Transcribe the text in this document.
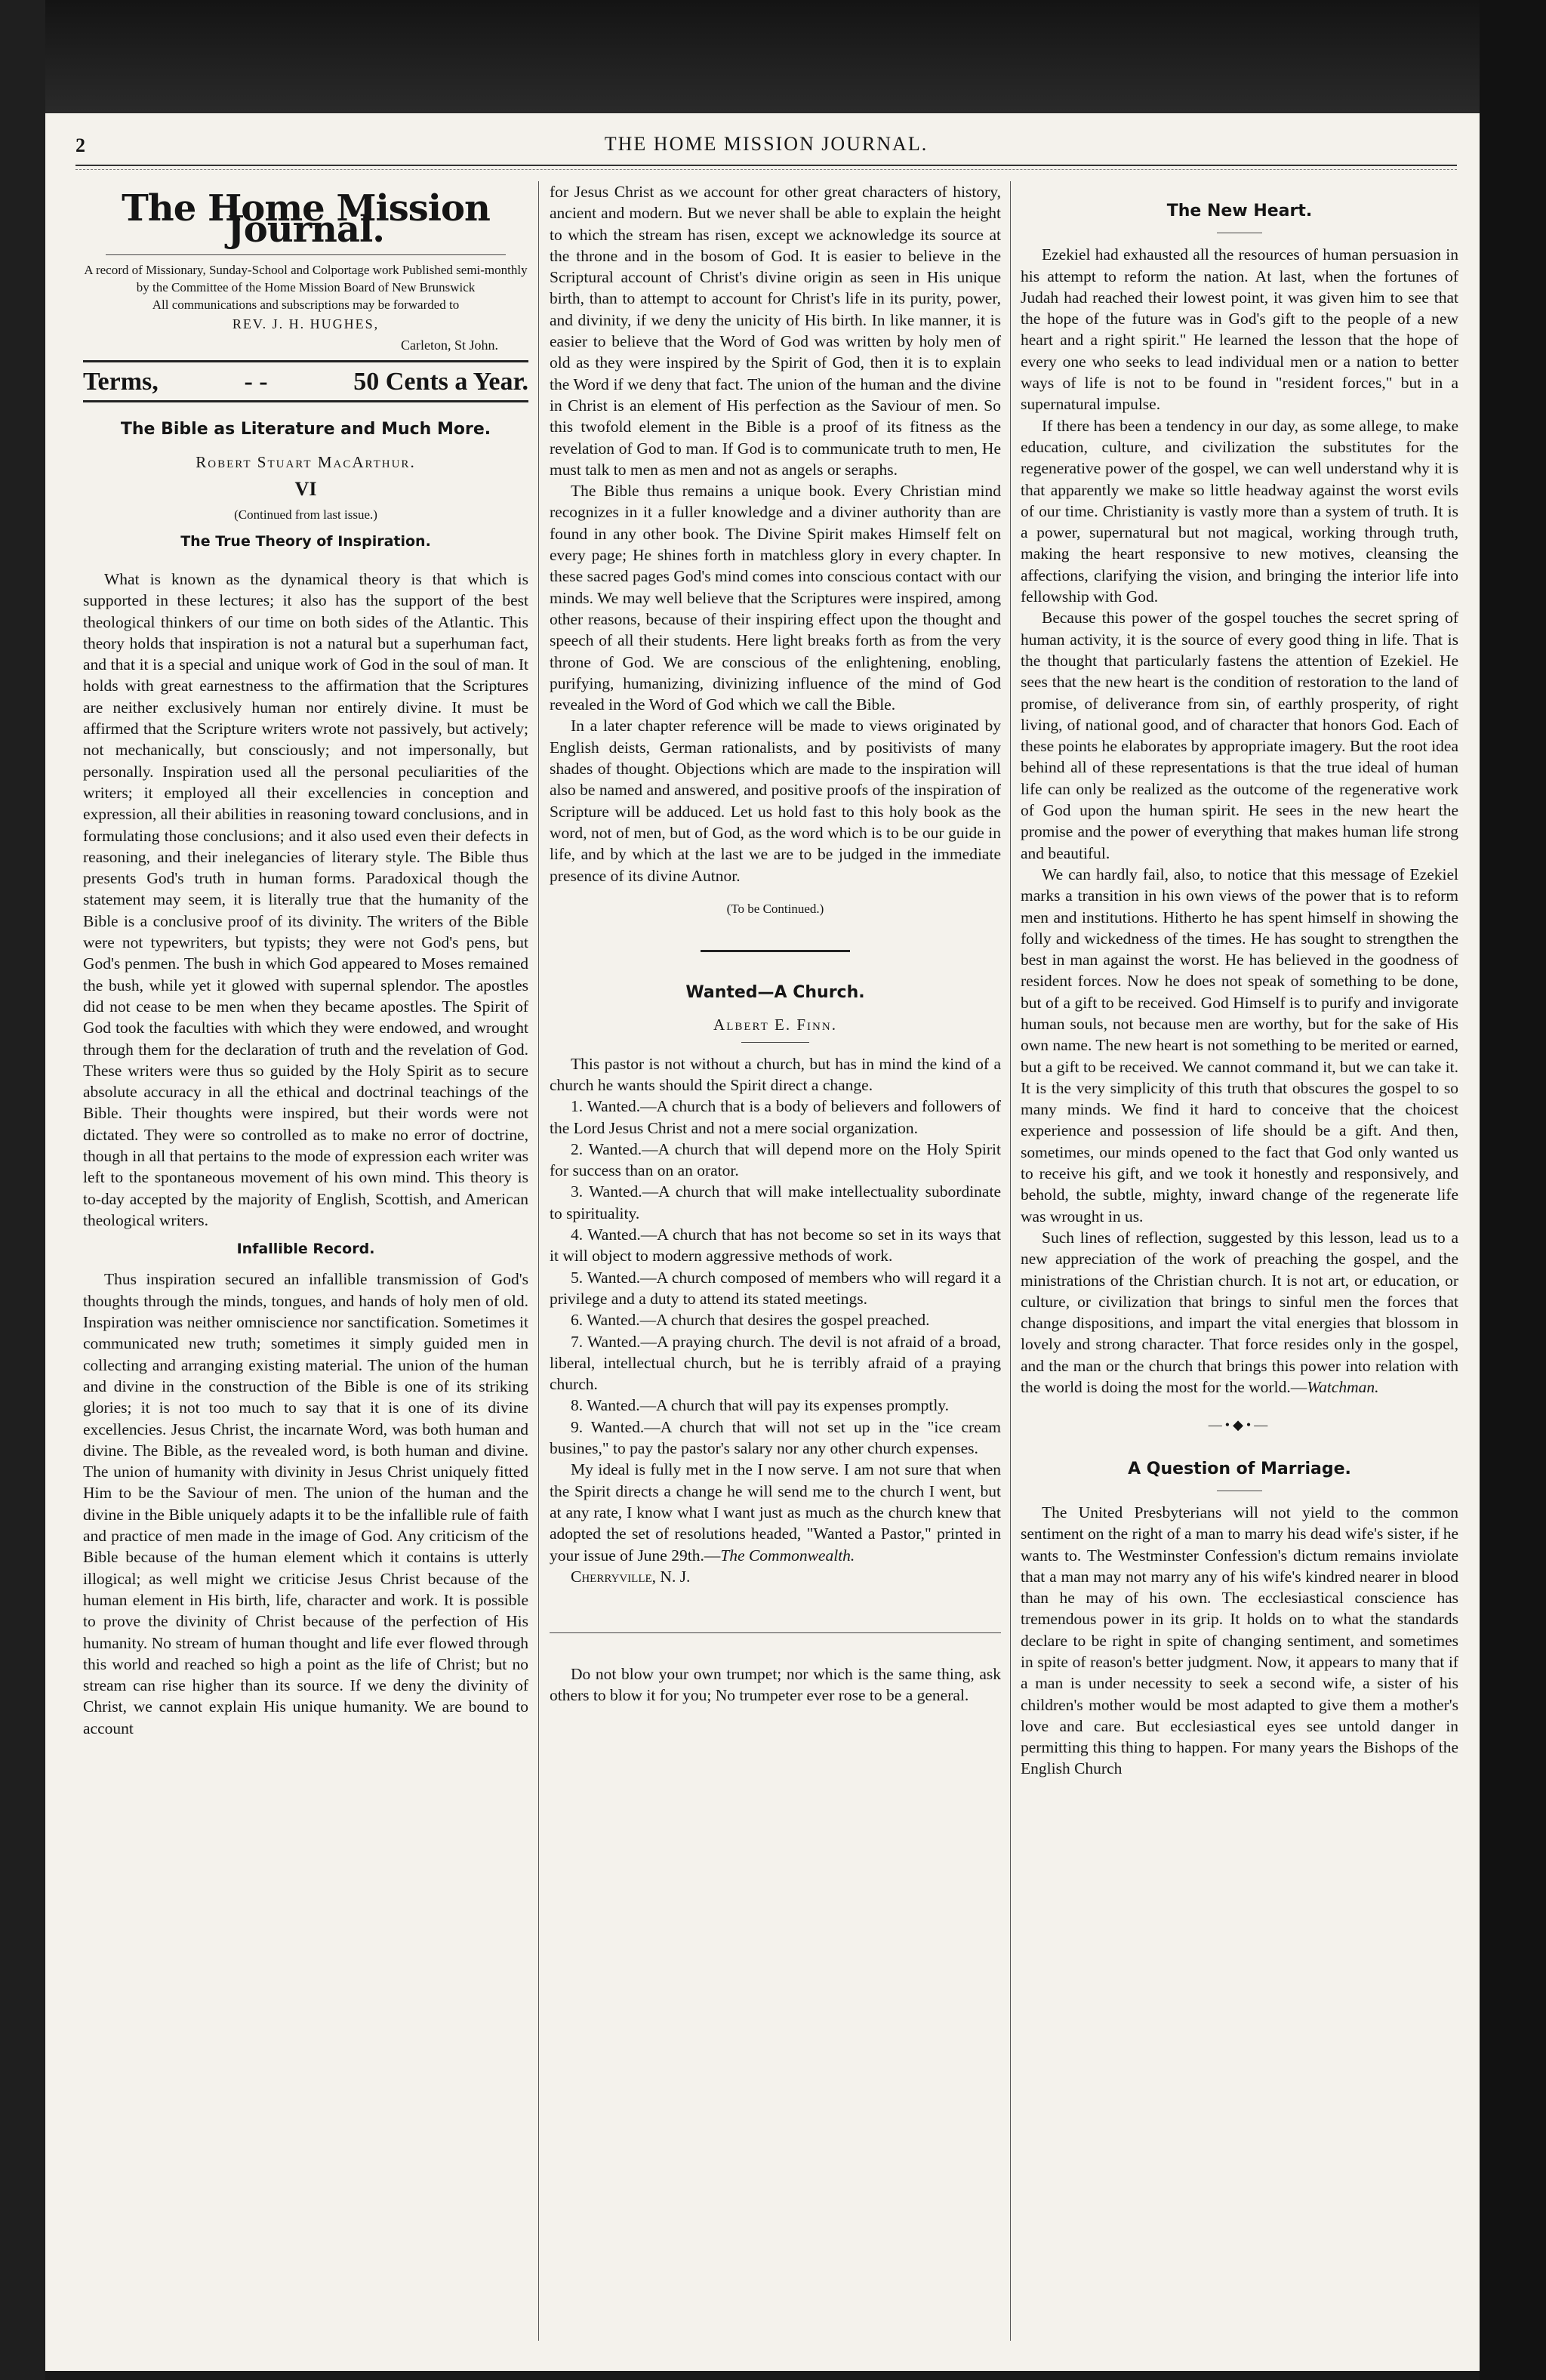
2	THE HOME MISSION JOURNAL.
The Home Mission Journal.

A record of Missionary, Sunday-School and Colportage work Published semi-monthly by the Committee of the Home Mission Board of New Brunswick

All communications and subscriptions may be forwarded to

REV. J. H. HUGHES,

Carleton, St John.

Terms,	- -	50 Cents a Year.
The Bible as Literature and Much More.
Robert Stuart MacArthur.
VI
(Continued from last issue.)
The True Theory of Inspiration.

What is known as the dynamical theory is that which is supported in these lectures; it also has the support of the best theological thinkers of our time on both sides of the Atlantic. This theory holds that inspiration is not a natural but a superhuman fact, and that it is a special and unique work of God in the soul of man. It holds with great earnestness to the affirmation that the Scriptures are neither exclusively human nor entirely divine. It must be affirmed that the Scripture writers wrote not passively, but actively; not mechanically, but consciously; and not impersonally, but personally. Inspiration used all the personal peculiarities of the writers; it employed all their excellencies in conception and expression, all their abilities in reasoning toward conclusions, and in formulating those conclusions; and it also used even their defects in reasoning, and their inelegancies of literary style. The Bible thus presents God's truth in human forms. Paradoxical though the statement may seem, it is literally true that the humanity of the Bible is a conclusive proof of its divinity. The writers of the Bible were not typewriters, but typists; they were not God's pens, but God's penmen. The bush in which God appeared to Moses remained the bush, while yet it glowed with supernal splendor. The apostles did not cease to be men when they became apostles. The Spirit of God took the faculties with which they were endowed, and wrought through them for the declaration of truth and the revelation of God. These writers were thus so guided by the Holy Spirit as to secure absolute accuracy in all the ethical and doctrinal teachings of the Bible. Their thoughts were inspired, but their words were not dictated. They were so controlled as to make no error of doctrine, though in all that pertains to the mode of expression each writer was left to the spontaneous movement of his own mind. This theory is to-day accepted by the majority of English, Scottish, and American theological writers.

Infallible Record.

Thus inspiration secured an infallible transmission of God's thoughts through the minds, tongues, and hands of holy men of old. Inspiration was neither omniscience nor sanctification. Sometimes it communicated new truth; sometimes it simply guided men in collecting and arranging existing material. The union of the human and divine in the construction of the Bible is one of its striking glories; it is not too much to say that it is one of its divine excellencies. Jesus Christ, the incarnate Word, was both human and divine. The Bible, as the revealed word, is both human and divine. The union of humanity with divinity in Jesus Christ uniquely fitted Him to be the Saviour of men. The union of the human and the divine in the Bible uniquely adapts it to be the infallible rule of faith and practice of men made in the image of God. Any criticism of the Bible because of the human element which it contains is utterly illogical; as well might we criticise Jesus Christ because of the human element in His birth, life, character and work. It is possible to prove the divinity of Christ because of the perfection of His humanity. No stream of human thought and life ever flowed through this world and reached so high a point as the life of Christ; but no stream can rise higher than its source. If we deny the divinity of Christ, we cannot explain His unique humanity. We are bound to account

for Jesus Christ as we account for other great characters of history, ancient and modern. But we never shall be able to explain the height to which the stream has risen, except we acknowledge its source at the throne and in the bosom of God. It is easier to believe in the Scriptural account of Christ's divine origin as seen in His unique birth, than to attempt to account for Christ's life in its purity, power, and divinity, if we deny the unicity of His birth. In like manner, it is easier to believe that the Word of God was written by holy men of old as they were inspired by the Spirit of God, then it is to explain the Word if we deny that fact. The union of the human and the divine in Christ is an element of His perfection as the Saviour of men. So this twofold element in the Bible is a proof of its fitness as the revelation of God to man. If God is to communicate truth to men, He must talk to men as men and not as angels or seraphs.

The Bible thus remains a unique book. Every Christian mind recognizes in it a fuller knowledge and a diviner authority than are found in any other book. The Divine Spirit makes Himself felt on every page; He shines forth in matchless glory in every chapter. In these sacred pages God's mind comes into conscious contact with our minds. We may well believe that the Scriptures were inspired, among other reasons, because of their inspiring effect upon the thought and speech of all their students. Here light breaks forth as from the very throne of God. We are conscious of the enlightening, enobling, purifying, humanizing, divinizing influence of the mind of God revealed in the Word of God which we call the Bible.

In a later chapter reference will be made to views originated by English deists, German rationalists, and by positivists of many shades of thought. Objections which are made to the inspiration will also be named and answered, and positive proofs of the inspiration of Scripture will be adduced. Let us hold fast to this holy book as the word, not of men, but of God, as the word which is to be our guide in life, and by which at the last we are to be judged in the immediate presence of its divine Autnor.

(To be Continued.)
Wanted—A Church.
Albert E. Finn.

This pastor is not without a church, but has in mind the kind of a church he wants should the Spirit direct a change.

1. Wanted.—A church that is a body of believers and followers of the Lord Jesus Christ and not a mere social organization.

2. Wanted.—A church that will depend more on the Holy Spirit for success than on an orator.

3. Wanted.—A church that will make intellectuality subordinate to spirituality.

4. Wanted.—A church that has not become so set in its ways that it will object to modern aggressive methods of work.

5. Wanted.—A church composed of members who will regard it a privilege and a duty to attend its stated meetings.

6. Wanted.—A church that desires the gospel preached.

7. Wanted.—A praying church. The devil is not afraid of a broad, liberal, intellectual church, but he is terribly afraid of a praying church.

8. Wanted.—A church that will pay its expenses promptly.

9. Wanted.—A church that will not set up in the "ice cream busines," to pay the pastor's salary nor any other church expenses.

My ideal is fully met in the I now serve. I am not sure that when the Spirit directs a change he will send me to the church I went, but at any rate, I know what I want just as much as the church knew that adopted the set of resolutions headed, "Wanted a Pastor," printed in your issue of June 29th.—The Commonwealth.

Cherryville, N. J.

Do not blow your own trumpet; nor which is the same thing, ask others to blow it for you; No trumpeter ever rose to be a general.

The New Heart.

Ezekiel had exhausted all the resources of human persuasion in his attempt to reform the nation. At last, when the fortunes of Judah had reached their lowest point, it was given him to see that the hope of the future was in God's gift to the people of a new heart and a right spirit." He learned the lesson that the hope of every one who seeks to lead individual men or a nation to better ways of life is not to be found in "resident forces," but in a supernatural impulse.

If there has been a tendency in our day, as some allege, to make education, culture, and civilization the substitutes for the regenerative power of the gospel, we can well understand why it is that apparently we make so little headway against the worst evils of our time. Christianity is vastly more than a system of truth. It is a power, supernatural but not magical, working through truth, making the heart responsive to new motives, cleansing the affections, clarifying the vision, and bringing the interior life into fellowship with God.

Because this power of the gospel touches the secret spring of human activity, it is the source of every good thing in life. That is the thought that particularly fastens the attention of Ezekiel. He sees that the new heart is the condition of restoration to the land of promise, of deliverance from sin, of earthly prosperity, of right living, of national good, and of character that honors God. Each of these points he elaborates by appropriate imagery. But the root idea behind all of these representations is that the true ideal of human life can only be realized as the outcome of the regenerative work of God upon the human spirit. He sees in the new heart the promise and the power of everything that makes human life strong and beautiful.

We can hardly fail, also, to notice that this message of Ezekiel marks a transition in his own views of the power that is to reform men and institutions. Hitherto he has spent himself in showing the folly and wickedness of the times. He has sought to strengthen the best in man against the worst. He has believed in the goodness of resident forces. Now he does not speak of something to be done, but of a gift to be received. God Himself is to purify and invigorate human souls, not because men are worthy, but for the sake of His own name. The new heart is not something to be merited or earned, but a gift to be received. We cannot command it, but we can take it. It is the very simplicity of this truth that obscures the gospel to so many minds. We find it hard to conceive that the choicest experience and possession of life should be a gift. And then, sometimes, our minds opened to the fact that God only wanted us to receive his gift, and we took it honestly and responsively, and behold, the subtle, mighty, inward change of the regenerate life was wrought in us.

Such lines of reflection, suggested by this lesson, lead us to a new appreciation of the work of preaching the gospel, and the ministrations of the Christian church. It is not art, or education, or culture, or civilization that brings to sinful men the forces that change dispositions, and impart the vital energies that blossom in lovely and strong character. That force resides only in the gospel, and the man or the church that brings this power into relation with the world is doing the most for the world.—Watchman.

—•◆•—
A Question of Marriage.

The United Presbyterians will not yield to the common sentiment on the right of a man to marry his dead wife's sister, if he wants to. The Westminster Confession's dictum remains inviolate that a man may not marry any of his wife's kindred nearer in blood than he may of his own. The ecclesiastical conscience has tremendous power in its grip. It holds on to what the standards declare to be right in spite of changing sentiment, and sometimes in spite of reason's better judgment. Now, it appears to many that if a man is under necessity to seek a second wife, a sister of his children's mother would be most adapted to give them a mother's love and care. But ecclesiastical eyes see untold danger in permitting this thing to happen. For many years the Bishops of the English Church
